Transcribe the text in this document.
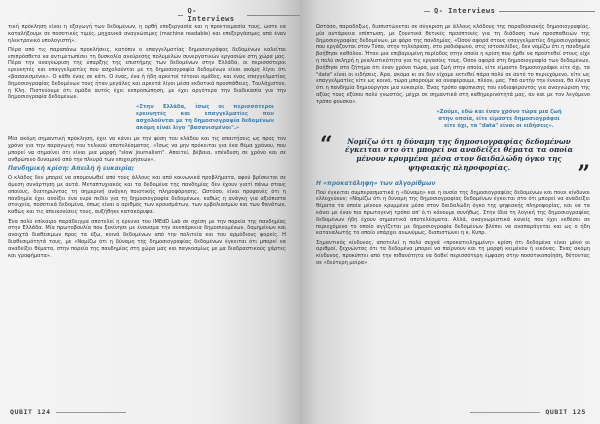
Q- Interviews

τική πρόκληση είναι η εξαγωγή των δεδομένων, η ορθή επεξεργασία και η προετοιμασία τους, ώστε να καταλήξουμε σε ποσοτικές τιμές, μηχανικά αναγνώσιμες (machine readable) και επεξεργάσιμες από έναν ηλεκτρονικό υπολογιστή».

Πέρα από τις παραπάνω προκλήσεις, κατόπιν ο επαγγελματίας δημοσιογράφος δεδομένων καλείται επιπρόσθετα να αντιμετωπίσει τη δυσκολία ανεύρεσης πολυμελών συνεργατικών εργασιών στη χώρα μας. Πέρα την αναγνώριση της ύπαρξης της επιστήμης των δεδομένων στην Ελλάδα, οι περισσότεροι ερευνητές και επαγγελματίες που ασχολούνται με τη δημοσιογραφία δεδομένων είναι ακόμη λίγοι ότι «βασανισμένοι». Ο κάθε ένας σε κάτι. Ο ένας, ένα ή ήδη αρκετοί τέτοιοι ομάδες, και ένας επαγγελματίας δημοσιογραφίας δεδομένων τους ήταν μεγάλες και αρκετά λίγοι μέσα εκδοτικά προσπάθειες. Τουλάχιστον, η Κλη. Πιστεύουμε ότι ομάδα αυτός έχει εκπροσώπηση, με έχει αργότερα την διαδικασία για την δημοσιογραφία δεδομένων.

«Στην Ελλάδα, ίσως οι περισσότεροι ερευνητές και επαγγελματίες που ασχολούνται με τη δημοσιογραφία δεδομένων ακόμη είναι λίγο "βασανισμένοι".»

Μία ακόμη σημαντική πρόκληση, έχει να κάνει με την φύση του κλάδου και τις απαιτήσεις ως προς τον χρόνο για την παραγωγή του τελικού αποτελέσματος. «Ίσως να μην πρόκειται για ένα θέμα χρόνου, που μπορεί να σημαίνει ότι είναι μια μορφή "slow journalism". Απαιτεί, βέβαια, επένδυση σε χρόνο και σε ανθρώπινο δυναμικό από την πλευρά των επιχειρήσεων».

Πανδημική κρίση: Απειλή ή ευκαιρία;

Ο κλάδος δεν μπορεί να απομονωθεί από τους άλλους και από κοινωνικά προβλήματα, αφού βρίσκεται σε άμεση συνάρτηση με αυτά. Μεταπτυχιακός και τα δεδομένα της πανδημίας δεν έχουν γιατί πάνω στους οποίους, διατηρώντας τη σημερινή ανάγκη ποιοτικής πληροφόρησης. Ωστόσο, είναι προφανές ότι η πανδημία έχει ανοίξει ένα ευρύ πεδίο για τη δημοσιογραφία δεδομένων, καθώς η ανάγκη για αξιόπιστα στοιχεία, ποσοτικά δεδομένα, όπως είναι ο αριθμός των κρουσμάτων, των εμβολιασμών και των θανάτων, καθώς και τις απεικονίσεις τους, αυξήθηκε κατακόρυφα.

Ένα πολύ επίκαιρο παράδειγμα αποτελεί η έρευνα του iMEdD Lab σε σχέση με την πορεία της πανδημίας στην Ελλάδα. Μία πρωτοβουλία που ξεκίνησε με έναυσμα την ανεπάρκεια δημοσιευμένων, δομημένων και ανοιχτά διαθέσιμων προς τα έξω, κοινά δεδομένων από την πολιτεία και του αρμόδιους φορείς. Η διαθεσιμότητά τους, με «Νομίζω ότι η δύναμη της δημοσιογραφίας δεδομένων έγκειται ότι μπορεί να αναδείξει θέματα, στην πορεία της πανδημίας στη χώρα μας και παγκοσμίως με μα διαδραστικούς χάρτες και γραφήματα».

QUBIT 124
Q- Interviews

Ωστόσο, παραδόξως, διαπιστώνεται σε σύγκριση με άλλους κλάδους της παραδοσιακής δημοσιογραφίας, μία αυτάρκεια επίπτωση, με ζουντικά θετικές προοπτικές για τη διάδοση των προσπαθειών της δημοσιογραφίας δεδομένων, με φόρο της πανδημίας. «Όσον αφορά στους επαγγελματίες δημοσιογράφους που εργάζονται στον Τύπο, στην τηλεόραση, στο ραδιόφωνο, στις ιστοσελίδες, δεν νομίζω ότι η πανδημία βοήθησε καθόλου. Ήταν μια επιβαρυμένη περίοδος στην οποία η κρίση που ήρθε να προστεθεί στους είχε η πολύ σκληρή η ρεαλιστικότητα για τις εργασίες τους. Όσον αφορά στη δημοσιογραφία των δεδομένων, βοήθησε στο ζήτημα ότι έναν χρόνο τώρα, μια ζωή στην οποία, είτε είμαστε δημοσιογράφοι είτε όχι, τα "data" είναι οι ειδήσεις. Άρα, ακόμα κι αν δεν είχαμε εκτεθεί πάρα πολύ σε αυτό το περιεχόμενο, είτε ως επαγγελματίες είτε ως κοινό, τώρα μπορούμε να αναφέρουμε, πλέον, μας. Υπό αυτήν την έννοια, θα έλεγα ότι η πανδημία δημιούργησε μια ευκαιρία. Ένας τρόπο αφύπνισης του ενδιαφέροντός για αναγνώριση της αξίας τους εξίσου πολύ γνωστός, μέχρι σε σημαντικά στη καθημερινότητά μας, αν και με τον λεγόμενο τρόπο φουσκα».

«Ζούμε, εδώ και έναν χρόνο τώρα μια ζωή στην οποία, είτε είμαστε δημοσιογράφοι είτε όχι, τα "data" είναι οι ειδήσεις».
“	Νομίζω ότι η δύναμη της δημοσιογραφίας δεδομένων έγκειται στο ότι μπορεί να αναδείξει θέματα τα οποία μένουν κρυμμένα μέσα στον δαιδαλώδη όγκο της ψηφιακής πληροφορίας.	”
Η «προκατάληψη» των αλγορίθμων

Πού έγκειται συμπερασματικά η «δύναμη» και η ουσία της δημοσιογραφίας δεδομένων και ποιοι κίνδυνοι ελλοχεύουν; «Νομίζω ότι η δύναμη της δημοσιογραφίας δεδομένων έγκειται στο ότι μπορεί να αναδείξει θέματα τα οποία μένουν κρυμμένα μέσα στον δαιδαλώδη όγκο της ψηφιακής πληροφορίας, και να τα κάνει με έναν πιο πρωτογενή τρόπο απ' ό,τι κάνουμε συνήθως. Στην ίδια τη λογική της δημοσιογραφίας δεδομένων ήδη έχουν σημαντικά αποτελέσματα. Αλλά, αναγνωριστικά κανείς που έχει εκθέσει σε περιεχόμενο το οποίο αγγίζεται με δημοσιογραφία δεδομένων βλέπει να αναπαράγεται και ως ο ήδη καταναλωτής το οποίο υπάρχει ανωνύμως, διαπιστώνει η κ. Κυπρ.

Σημαντικός κίνδυνος, αποτελεί η πολύ συχνά «προκατειλημμένη» κρίση ότι δεδομένα είναι μόνο οι αριθμοί, ξεχνώντας ότι τα δεδομένα μπορεί να παίρνουν και τη μορφή κειμένου ή εικόνας. Ένας ακόμη κίνδυνος, προκύπτει από την πιθανότητα να δοθεί περισσότερη έμφαση στην ποσοτικοποίηση, θέτοντας σε «δεύτερη μοίρα»

QUBIT 125
